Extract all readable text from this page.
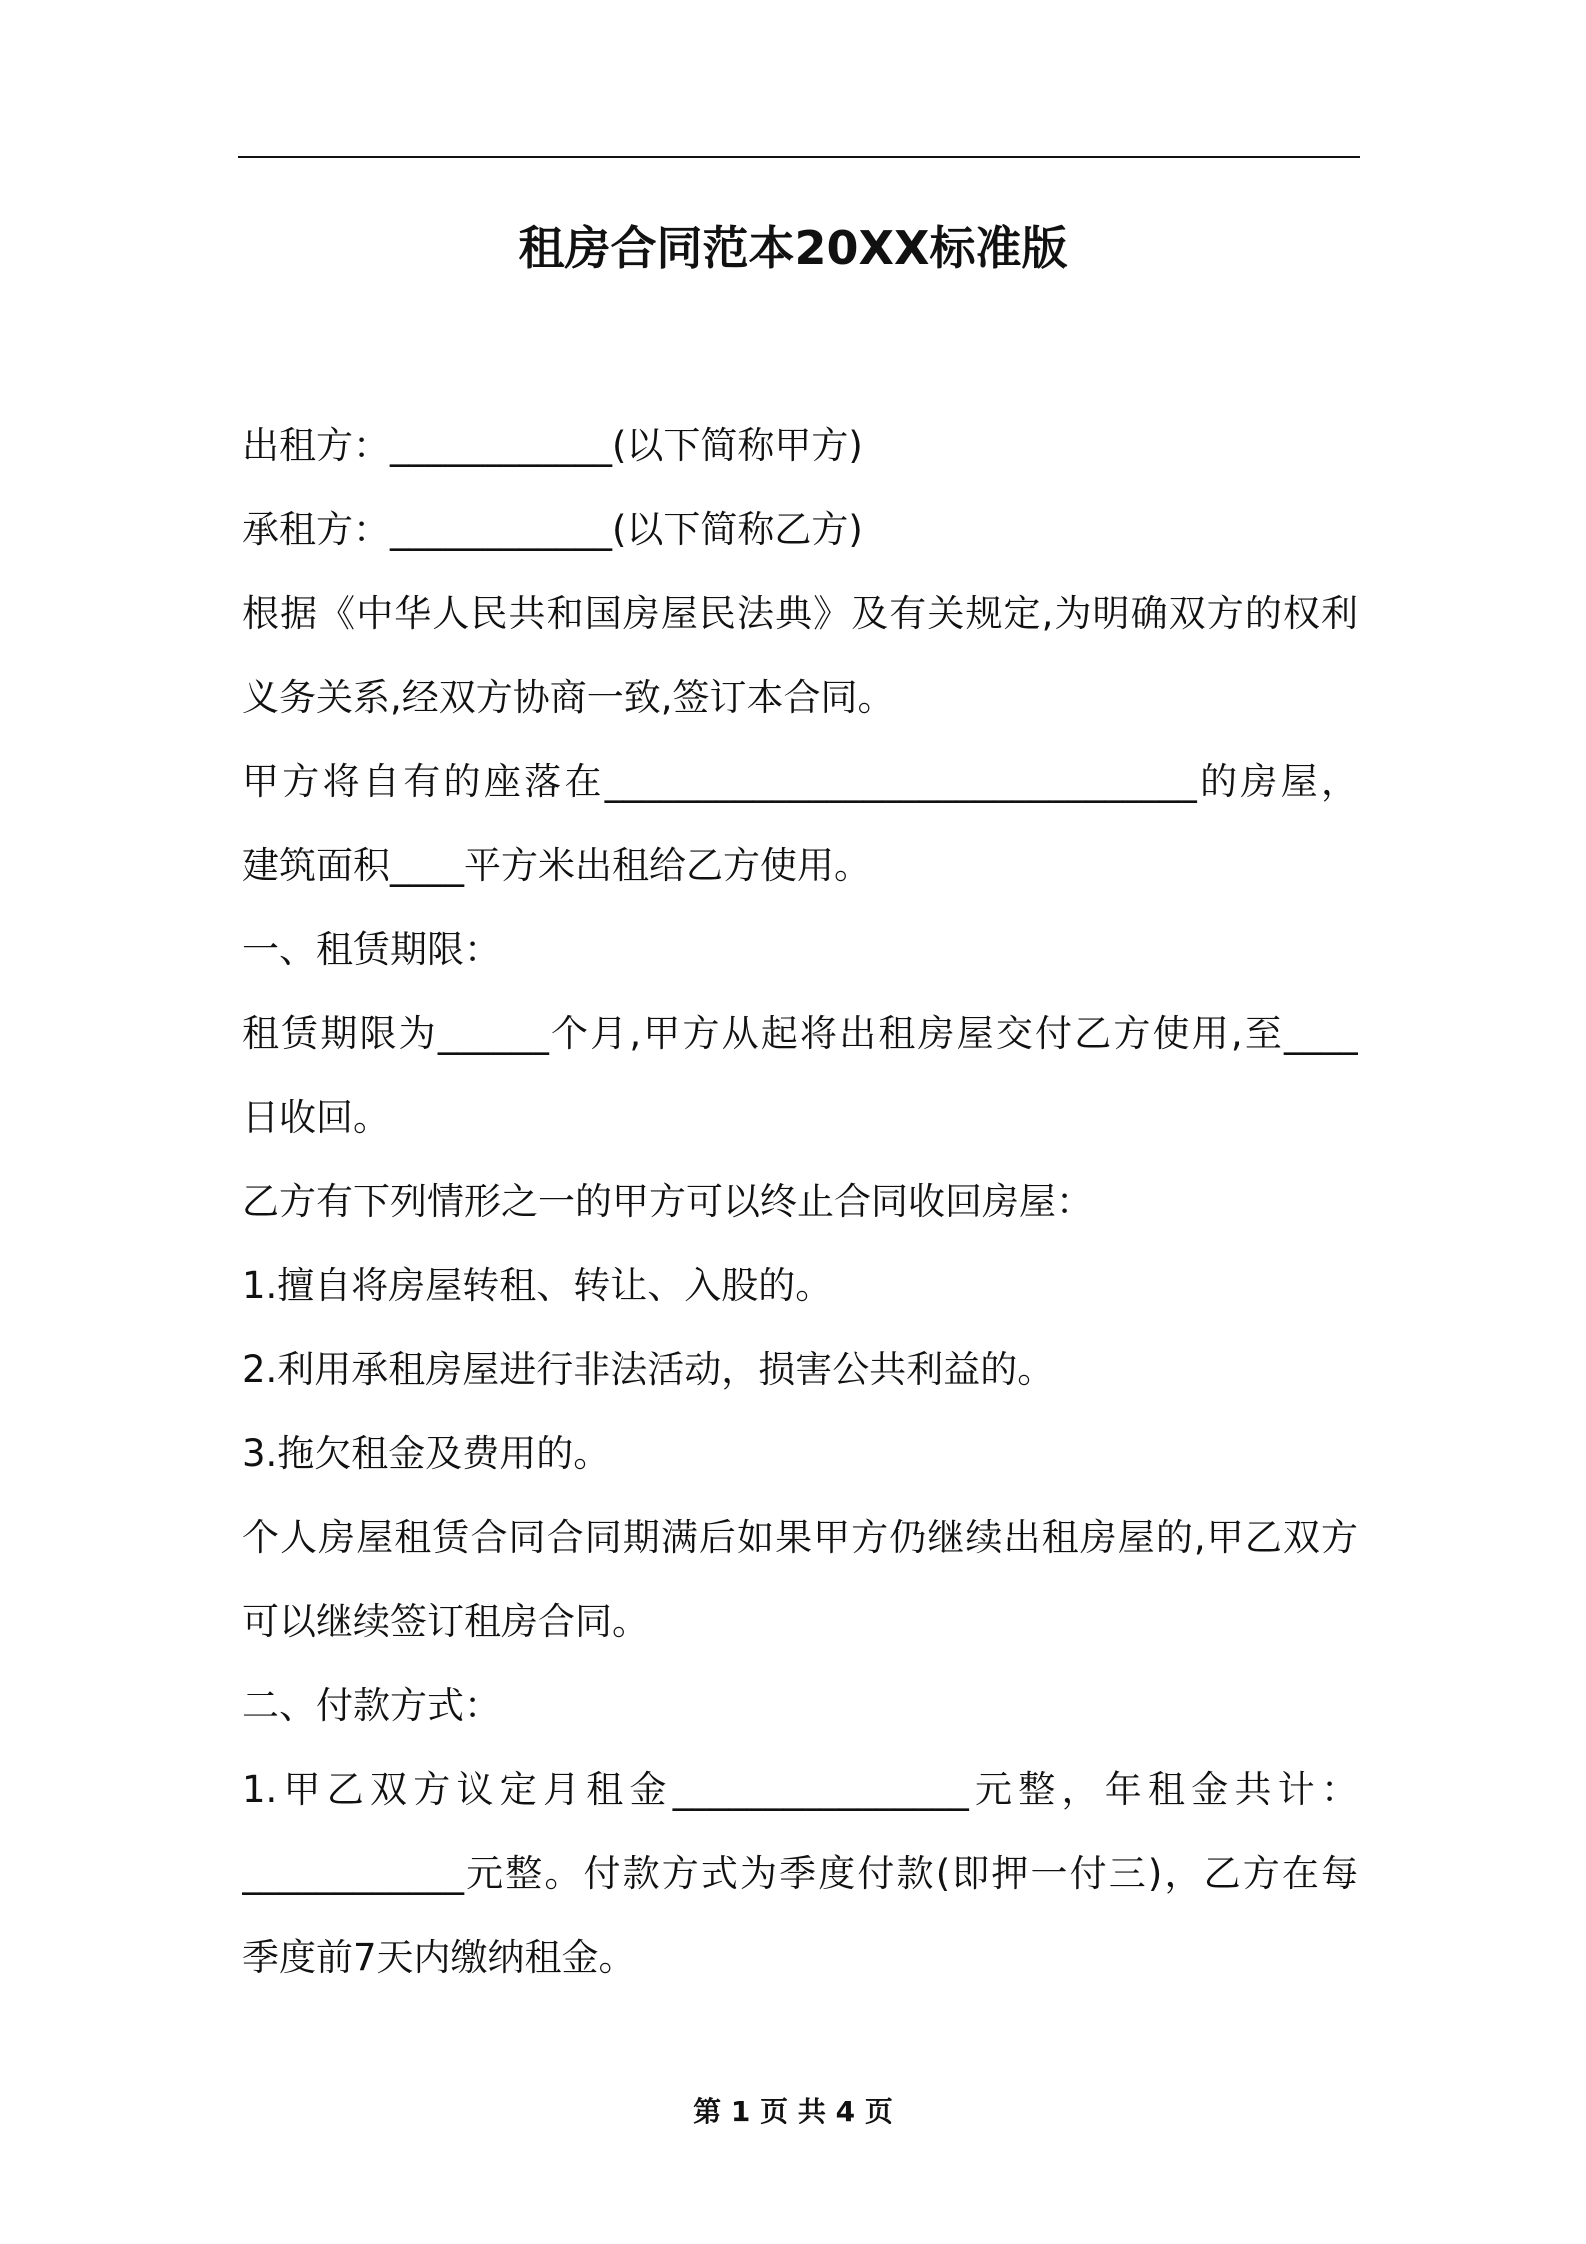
租房合同范本20XX标准版
出租方：____________(以下简称甲方)
承租方：____________(以下简称乙方)
根据《中华人民共和国房屋民法典》及有关规定,为明确双方的权利
义务关系,经双方协商一致,签订本合同。
甲方将自有的座落在________________________________的房屋，
建筑面积____平方米出租给乙方使用。
一、租赁期限：
租赁期限为______个月,甲方从起将出租房屋交付乙方使用,至____
日收回。
乙方有下列情形之一的甲方可以终止合同收回房屋：
1.擅自将房屋转租、转让、入股的。
2.利用承租房屋进行非法活动，损害公共利益的。
3.拖欠租金及费用的。
个人房屋租赁合同合同期满后如果甲方仍继续出租房屋的,甲乙双方
可以继续签订租房合同。
二、付款方式：
1.甲乙双方议定月租金________________元整，年租金共计：
____________元整。付款方式为季度付款(即押一付三)，乙方在每
季度前7天内缴纳租金。
第 1 页 共 4 页
